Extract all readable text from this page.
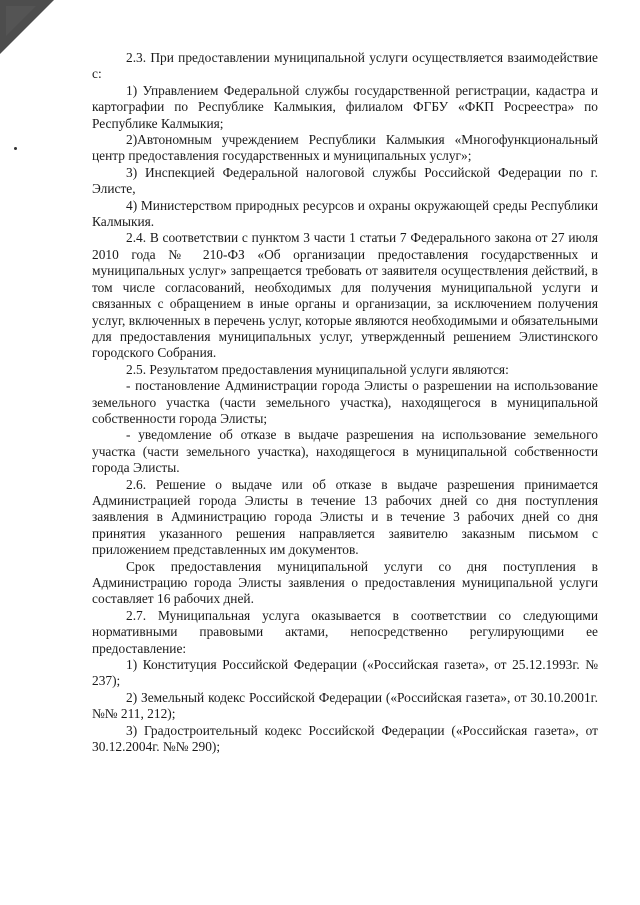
2.3. При предоставлении муниципальной услуги осуществляется взаимодействие с:

1) Управлением Федеральной службы государственной регистрации, кадастра и картографии по Республике Калмыкия, филиалом ФГБУ «ФКП Росреестра» по Республике Калмыкия;

2)Автономным учреждением Республики Калмыкия «Многофункциональный центр предоставления государственных и муниципальных услуг»;

3) Инспекцией Федеральной налоговой службы Российской Федерации по г. Элисте,

4) Министерством природных ресурсов и охраны окружающей среды Республики Калмыкия.

2.4. В соответствии с пунктом 3 части 1 статьи 7 Федерального закона от 27 июля 2010 года № 210-ФЗ «Об организации предоставления государственных и муниципальных услуг» запрещается требовать от заявителя осуществления действий, в том числе согласований, необходимых для получения муниципальной услуги и связанных с обращением в иные органы и организации, за исключением получения услуг, включенных в перечень услуг, которые являются необходимыми и обязательными для предоставления муниципальных услуг, утвержденный решением Элистинского городского Собрания.

2.5. Результатом предоставления муниципальной услуги являются:

- постановление Администрации города Элисты о разрешении на использование земельного участка (части земельного участка), находящегося в муниципальной собственности города Элисты;

- уведомление об отказе в выдаче разрешения на использование земельного участка (части земельного участка), находящегося в муниципальной собственности города Элисты.

2.6. Решение о выдаче или об отказе в выдаче разрешения принимается Администрацией города Элисты в течение 13 рабочих дней со дня поступления заявления в Администрацию города Элисты и в течение 3 рабочих дней со дня принятия указанного решения направляется заявителю заказным письмом с приложением представленных им документов.

Срок предоставления муниципальной услуги со дня поступления в Администрацию города Элисты заявления о предоставления муниципальной услуги составляет 16 рабочих дней.

2.7. Муниципальная услуга оказывается в соответствии со следующими нормативными правовыми актами, непосредственно регулирующими ее предоставление:

1) Конституция Российской Федерации («Российская газета», от 25.12.1993г. № 237);

2) Земельный кодекс Российской Федерации («Российская газета», от 30.10.2001г. №№ 211, 212);

3) Градостроительный кодекс Российской Федерации («Российская газета», от 30.12.2004г. №№ 290);
